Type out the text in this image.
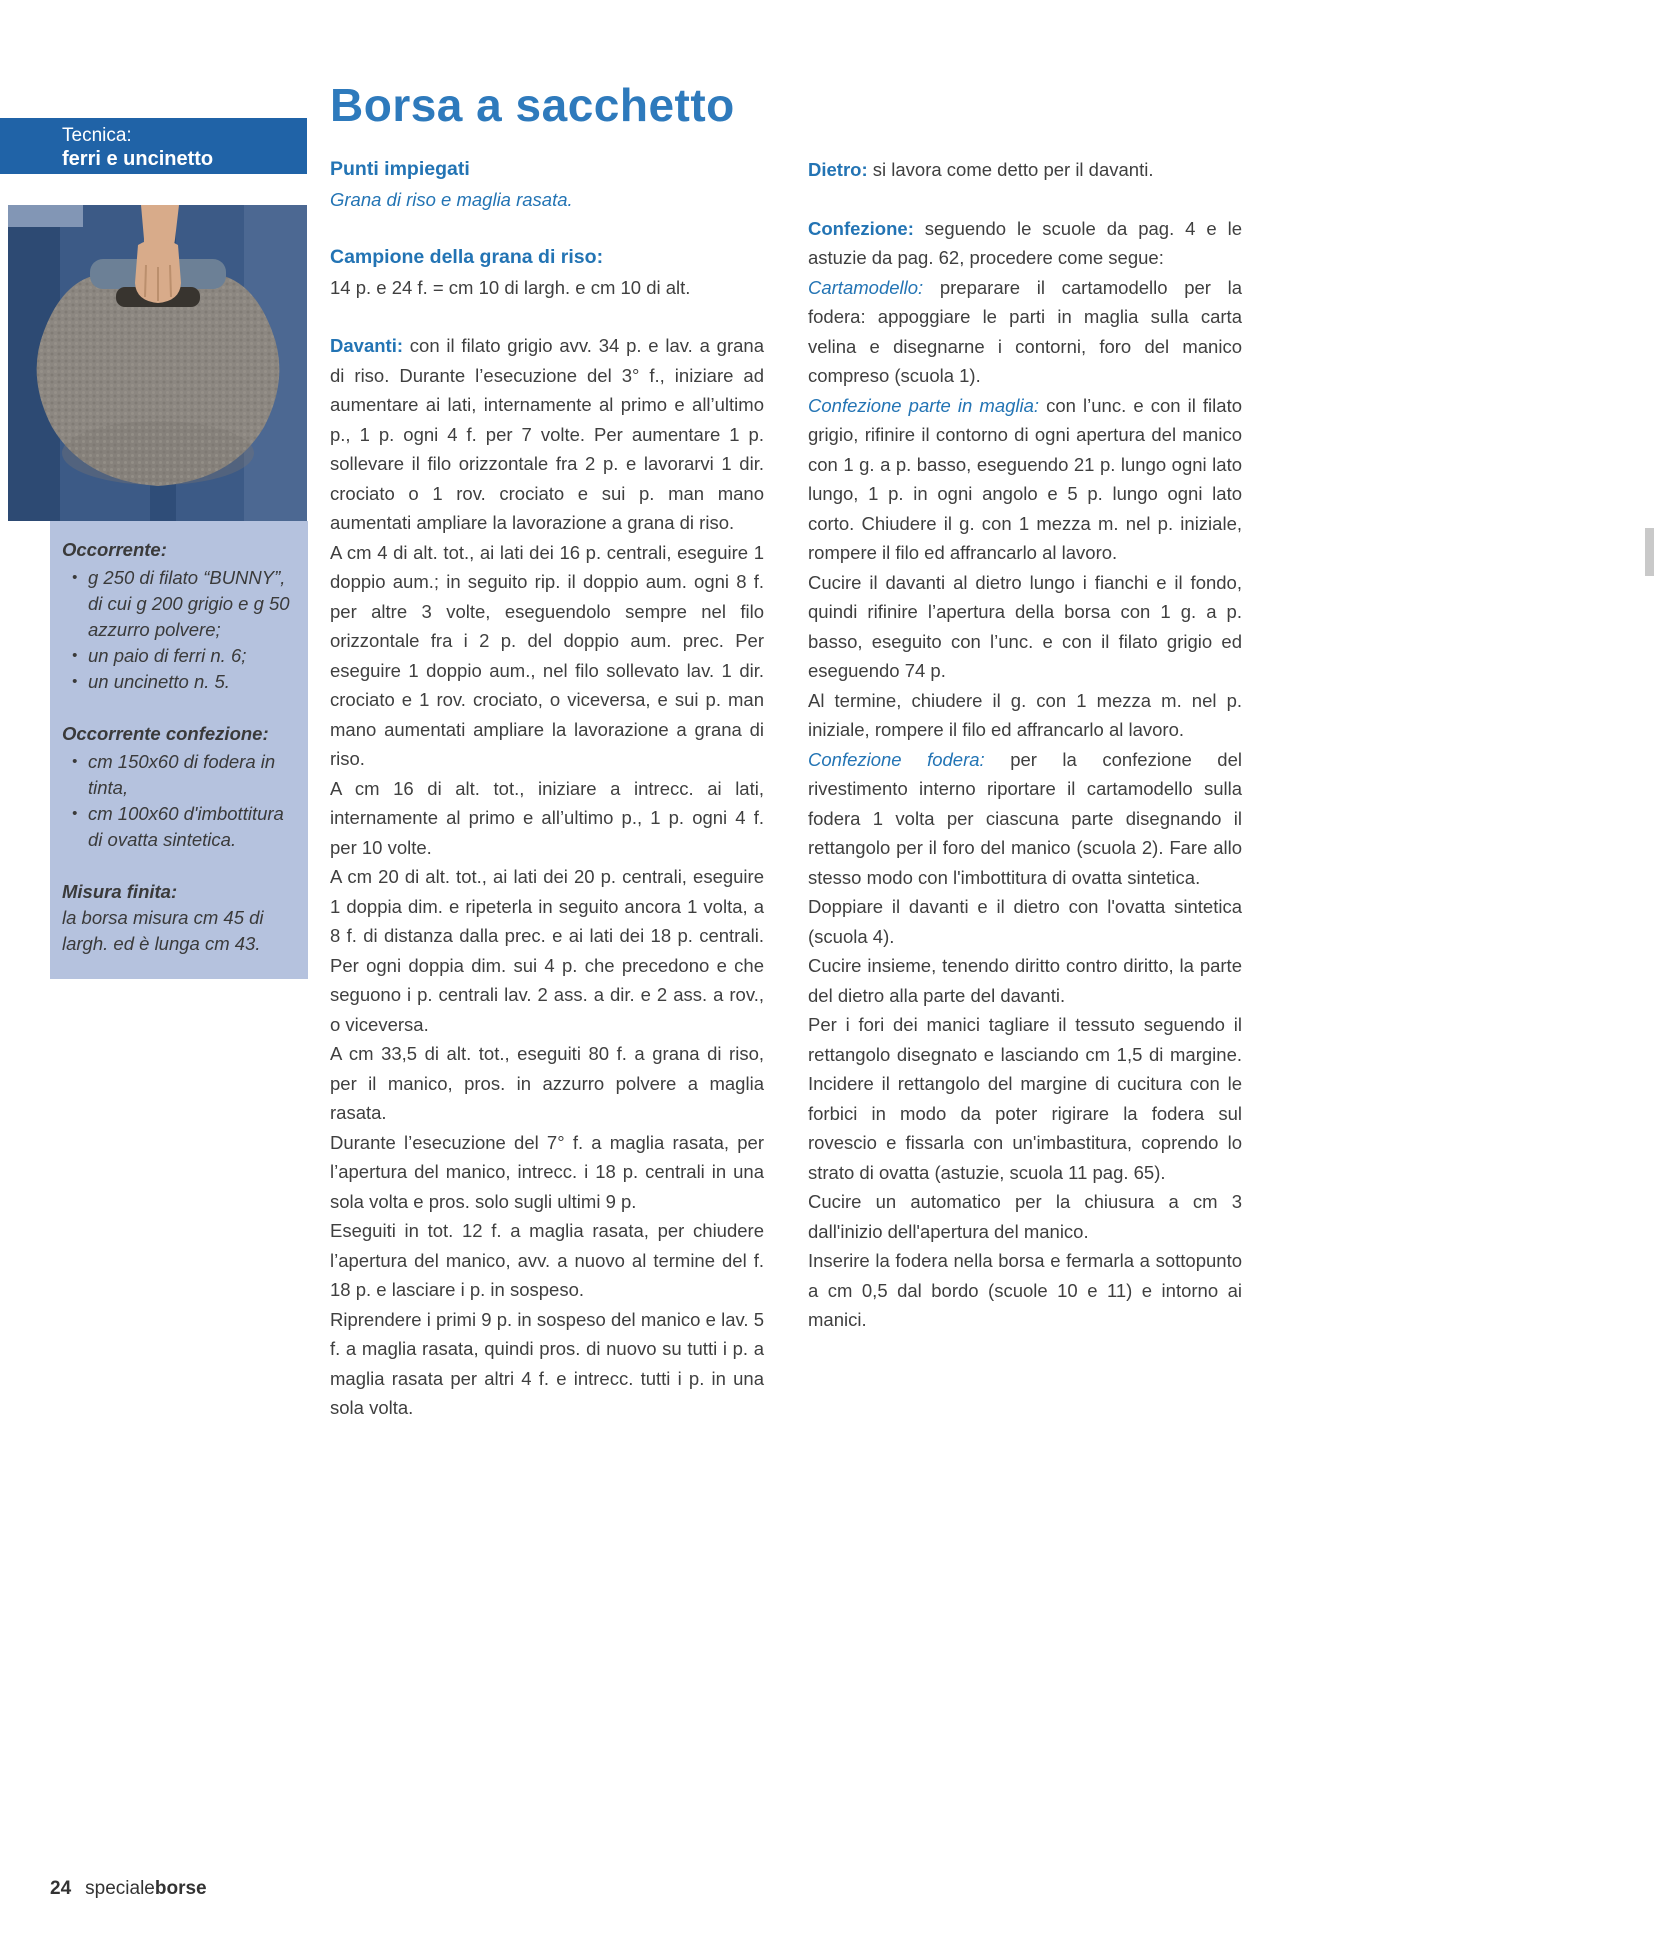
Tecnica:
ferri e uncinetto
Occorrente:
• g 250 di filato “BUNNY”, di cui g 200 grigio e g 50 azzurro polvere;
• un paio di ferri n. 6;
• un uncinetto n. 5.
Occorrente confezione:
• cm 150x60 di fodera in tinta,
• cm 100x60 d'imbottitura di ovatta sintetica.
Misura finita:

la borsa misura cm 45 di largh. ed è lunga cm 43.

Borsa a sacchetto
Punti impiegati

Grana di riso e maglia rasata.

Campione della grana di riso:

14 p. e 24 f. = cm 10 di largh. e cm 10 di alt.

Davanti: con il filato grigio avv. 34 p. e lav. a grana di riso. Durante l’esecuzione del 3° f., iniziare ad aumentare ai lati, internamente al primo e all’ultimo p., 1 p. ogni 4 f. per 7 volte. Per aumentare 1 p. sollevare il filo orizzontale fra 2 p. e lavorarvi 1 dir. crociato o 1 rov. crociato e sui p. man mano aumentati ampliare la lavorazione a grana di riso.

A cm 4 di alt. tot., ai lati dei 16 p. centrali, eseguire 1 doppio aum.; in seguito rip. il doppio aum. ogni 8 f. per altre 3 volte, eseguendolo sempre nel filo orizzontale fra i 2 p. del doppio aum. prec. Per eseguire 1 doppio aum., nel filo sollevato lav. 1 dir. crociato e 1 rov. crociato, o viceversa, e sui p. man mano aumentati ampliare la lavorazione a grana di riso.

A cm 16 di alt. tot., iniziare a intrecc. ai lati, internamente al primo e all’ultimo p., 1 p. ogni 4 f. per 10 volte.

A cm 20 di alt. tot., ai lati dei 20 p. centrali, eseguire 1 doppia dim. e ripeterla in seguito ancora 1 volta, a 8 f. di distanza dalla prec. e ai lati dei 18 p. centrali. Per ogni doppia dim. sui 4 p. che precedono e che seguono i p. centrali lav. 2 ass. a dir. e 2 ass. a rov., o viceversa.

A cm 33,5 di alt. tot., eseguiti 80 f. a grana di riso, per il manico, pros. in azzurro polvere a maglia rasata.

Durante l’esecuzione del 7° f. a maglia rasata, per l’apertura del manico, intrecc. i 18 p. centrali in una sola volta e pros. solo sugli ultimi 9 p.

Eseguiti in tot. 12 f. a maglia rasata, per chiudere l’apertura del manico, avv. a nuovo al termine del f. 18 p. e lasciare i p. in sospeso.

Riprendere i primi 9 p. in sospeso del manico e lav. 5 f. a maglia rasata, quindi pros. di nuovo su tutti i p. a maglia rasata per altri 4 f. e intrecc. tutti i p. in una sola volta.

Dietro: si lavora come detto per il davanti.

Confezione: seguendo le scuole da pag. 4 e le astuzie da pag. 62, procedere come segue:

Cartamodello: preparare il cartamodello per la fodera: appoggiare le parti in maglia sulla carta velina e disegnarne i contorni, foro del manico compreso (scuola 1).

Confezione parte in maglia: con l’unc. e con il filato grigio, rifinire il contorno di ogni apertura del manico con 1 g. a p. basso, eseguendo 21 p. lungo ogni lato lungo, 1 p. in ogni angolo e 5 p. lungo ogni lato corto. Chiudere il g. con 1 mezza m. nel p. iniziale, rompere il filo ed affrancarlo al lavoro.

Cucire il davanti al dietro lungo i fianchi e il fondo, quindi rifinire l’apertura della borsa con 1 g. a p. basso, eseguito con l’unc. e con il filato grigio ed eseguendo 74 p.

Al termine, chiudere il g. con 1 mezza m. nel p. iniziale, rompere il filo ed affrancarlo al lavoro.

Confezione fodera: per la confezione del rivestimento interno riportare il cartamodello sulla fodera 1 volta per ciascuna parte disegnando il rettangolo per il foro del manico (scuola 2). Fare allo stesso modo con l'imbottitura di ovatta sintetica.

Doppiare il davanti e il dietro con l'ovatta sintetica (scuola 4).

Cucire insieme, tenendo diritto contro diritto, la parte del dietro alla parte del davanti.

Per i fori dei manici tagliare il tessuto seguendo il rettangolo disegnato e lasciando cm 1,5 di margine. Incidere il rettangolo del margine di cucitura con le forbici in modo da poter rigirare la fodera sul rovescio e fissarla con un'imbastitura, coprendo lo strato di ovatta (astuzie, scuola 11 pag. 65).

Cucire un automatico per la chiusura a cm 3 dall'inizio dell'apertura del manico.

Inserire la fodera nella borsa e fermarla a sottopunto a cm 0,5 dal bordo (scuole 10 e 11) e intorno ai manici.

24 specialeborse
